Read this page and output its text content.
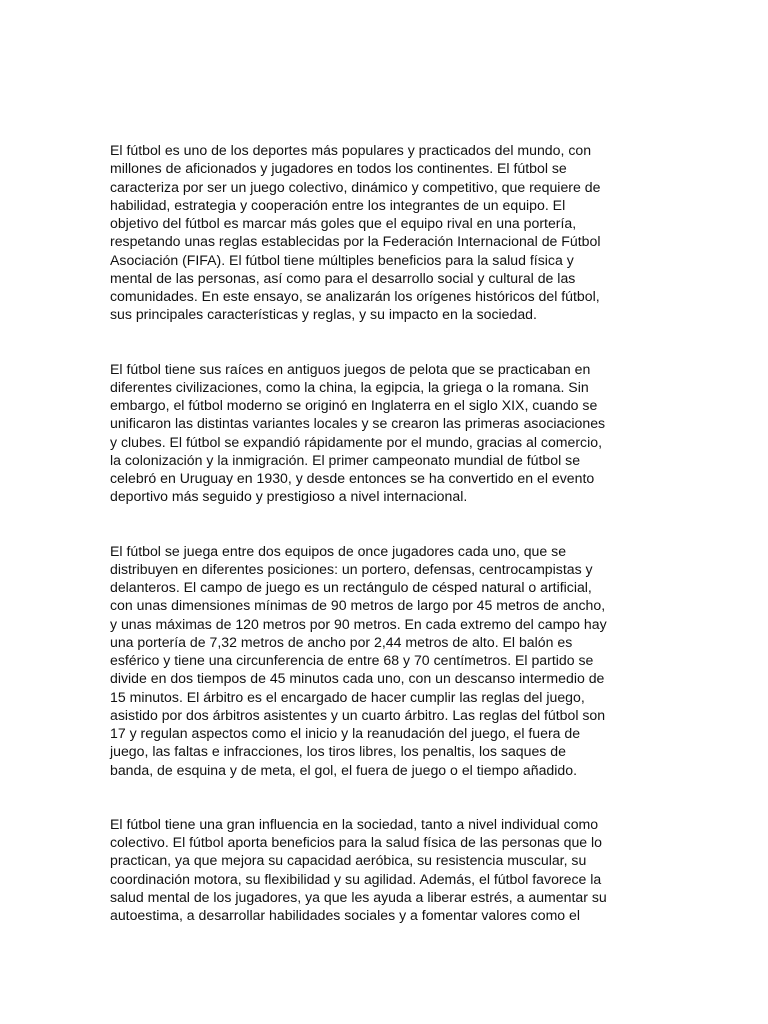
El fútbol es uno de los deportes más populares y practicados del mundo, con
millones de aficionados y jugadores en todos los continentes. El fútbol se
caracteriza por ser un juego colectivo, dinámico y competitivo, que requiere de
habilidad, estrategia y cooperación entre los integrantes de un equipo. El
objetivo del fútbol es marcar más goles que el equipo rival en una portería,
respetando unas reglas establecidas por la Federación Internacional de Fútbol
Asociación (FIFA). El fútbol tiene múltiples beneficios para la salud física y
mental de las personas, así como para el desarrollo social y cultural de las
comunidades. En este ensayo, se analizarán los orígenes históricos del fútbol,
sus principales características y reglas, y su impacto en la sociedad.

El fútbol tiene sus raíces en antiguos juegos de pelota que se practicaban en
diferentes civilizaciones, como la china, la egipcia, la griega o la romana. Sin
embargo, el fútbol moderno se originó en Inglaterra en el siglo XIX, cuando se
unificaron las distintas variantes locales y se crearon las primeras asociaciones
y clubes. El fútbol se expandió rápidamente por el mundo, gracias al comercio,
la colonización y la inmigración. El primer campeonato mundial de fútbol se
celebró en Uruguay en 1930, y desde entonces se ha convertido en el evento
deportivo más seguido y prestigioso a nivel internacional.

El fútbol se juega entre dos equipos de once jugadores cada uno, que se
distribuyen en diferentes posiciones: un portero, defensas, centrocampistas y
delanteros. El campo de juego es un rectángulo de césped natural o artificial,
con unas dimensiones mínimas de 90 metros de largo por 45 metros de ancho,
y unas máximas de 120 metros por 90 metros. En cada extremo del campo hay
una portería de 7,32 metros de ancho por 2,44 metros de alto. El balón es
esférico y tiene una circunferencia de entre 68 y 70 centímetros. El partido se
divide en dos tiempos de 45 minutos cada uno, con un descanso intermedio de
15 minutos. El árbitro es el encargado de hacer cumplir las reglas del juego,
asistido por dos árbitros asistentes y un cuarto árbitro. Las reglas del fútbol son
17 y regulan aspectos como el inicio y la reanudación del juego, el fuera de
juego, las faltas e infracciones, los tiros libres, los penaltis, los saques de
banda, de esquina y de meta, el gol, el fuera de juego o el tiempo añadido.

El fútbol tiene una gran influencia en la sociedad, tanto a nivel individual como
colectivo. El fútbol aporta beneficios para la salud física de las personas que lo
practican, ya que mejora su capacidad aeróbica, su resistencia muscular, su
coordinación motora, su flexibilidad y su agilidad. Además, el fútbol favorece la
salud mental de los jugadores, ya que les ayuda a liberar estrés, a aumentar su
autoestima, a desarrollar habilidades sociales y a fomentar valores como el
